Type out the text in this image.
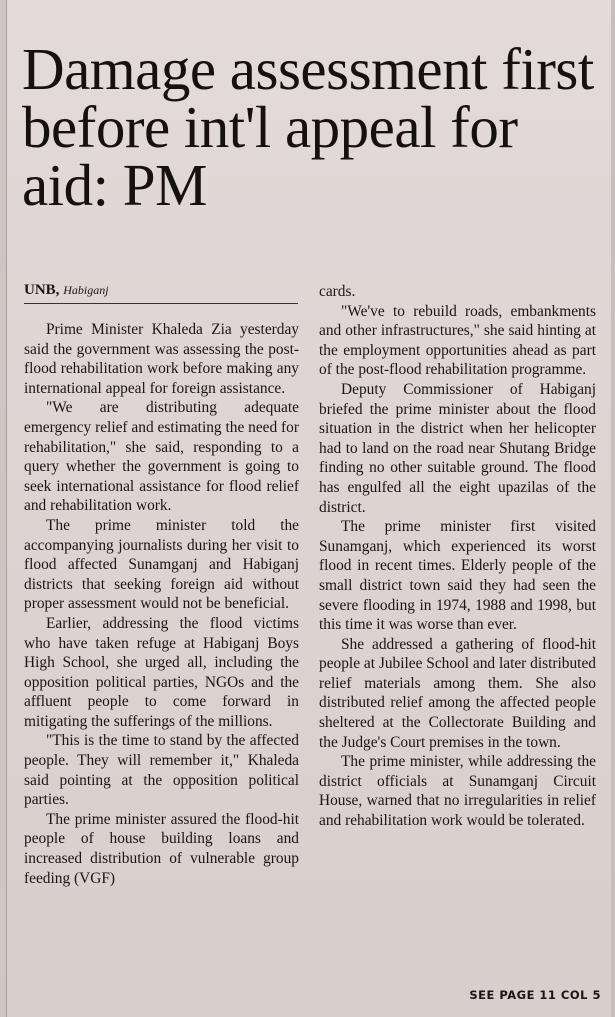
Damage assessment first before int'l appeal for aid: PM
UNB, Habiganj

Prime Minister Khaleda Zia yesterday said the government was assessing the post-flood rehabilitation work before making any international appeal for foreign assistance.

"We are distributing adequate emergency relief and estimating the need for rehabilitation," she said, responding to a query whether the government is going to seek international assistance for flood relief and rehabilitation work.

The prime minister told the accompanying journalists during her visit to flood affected Sunamganj and Habiganj districts that seeking foreign aid without proper assessment would not be beneficial.

Earlier, addressing the flood victims who have taken refuge at Habiganj Boys High School, she urged all, including the opposition political parties, NGOs and the affluent people to come forward in mitigating the sufferings of the millions.

"This is the time to stand by the affected people. They will remember it," Khaleda said pointing at the opposition political parties.

The prime minister assured the flood-hit people of house building loans and increased distribution of vulnerable group feeding (VGF)

cards.

"We've to rebuild roads, embankments and other infrastructures," she said hinting at the employment opportunities ahead as part of the post-flood rehabilitation programme.

Deputy Commissioner of Habiganj briefed the prime minister about the flood situation in the district when her helicopter had to land on the road near Shutang Bridge finding no other suitable ground. The flood has engulfed all the eight upazilas of the district.

The prime minister first visited Sunamganj, which experienced its worst flood in recent times. Elderly people of the small district town said they had seen the severe flooding in 1974, 1988 and 1998, but this time it was worse than ever.

She addressed a gathering of flood-hit people at Jubilee School and later distributed relief materials among them. She also distributed relief among the affected people sheltered at the Collectorate Building and the Judge's Court premises in the town.

The prime minister, while addressing the district officials at Sunamganj Circuit House, warned that no irregularities in relief and rehabilitation work would be tolerated.

SEE PAGE 11 COL 5
